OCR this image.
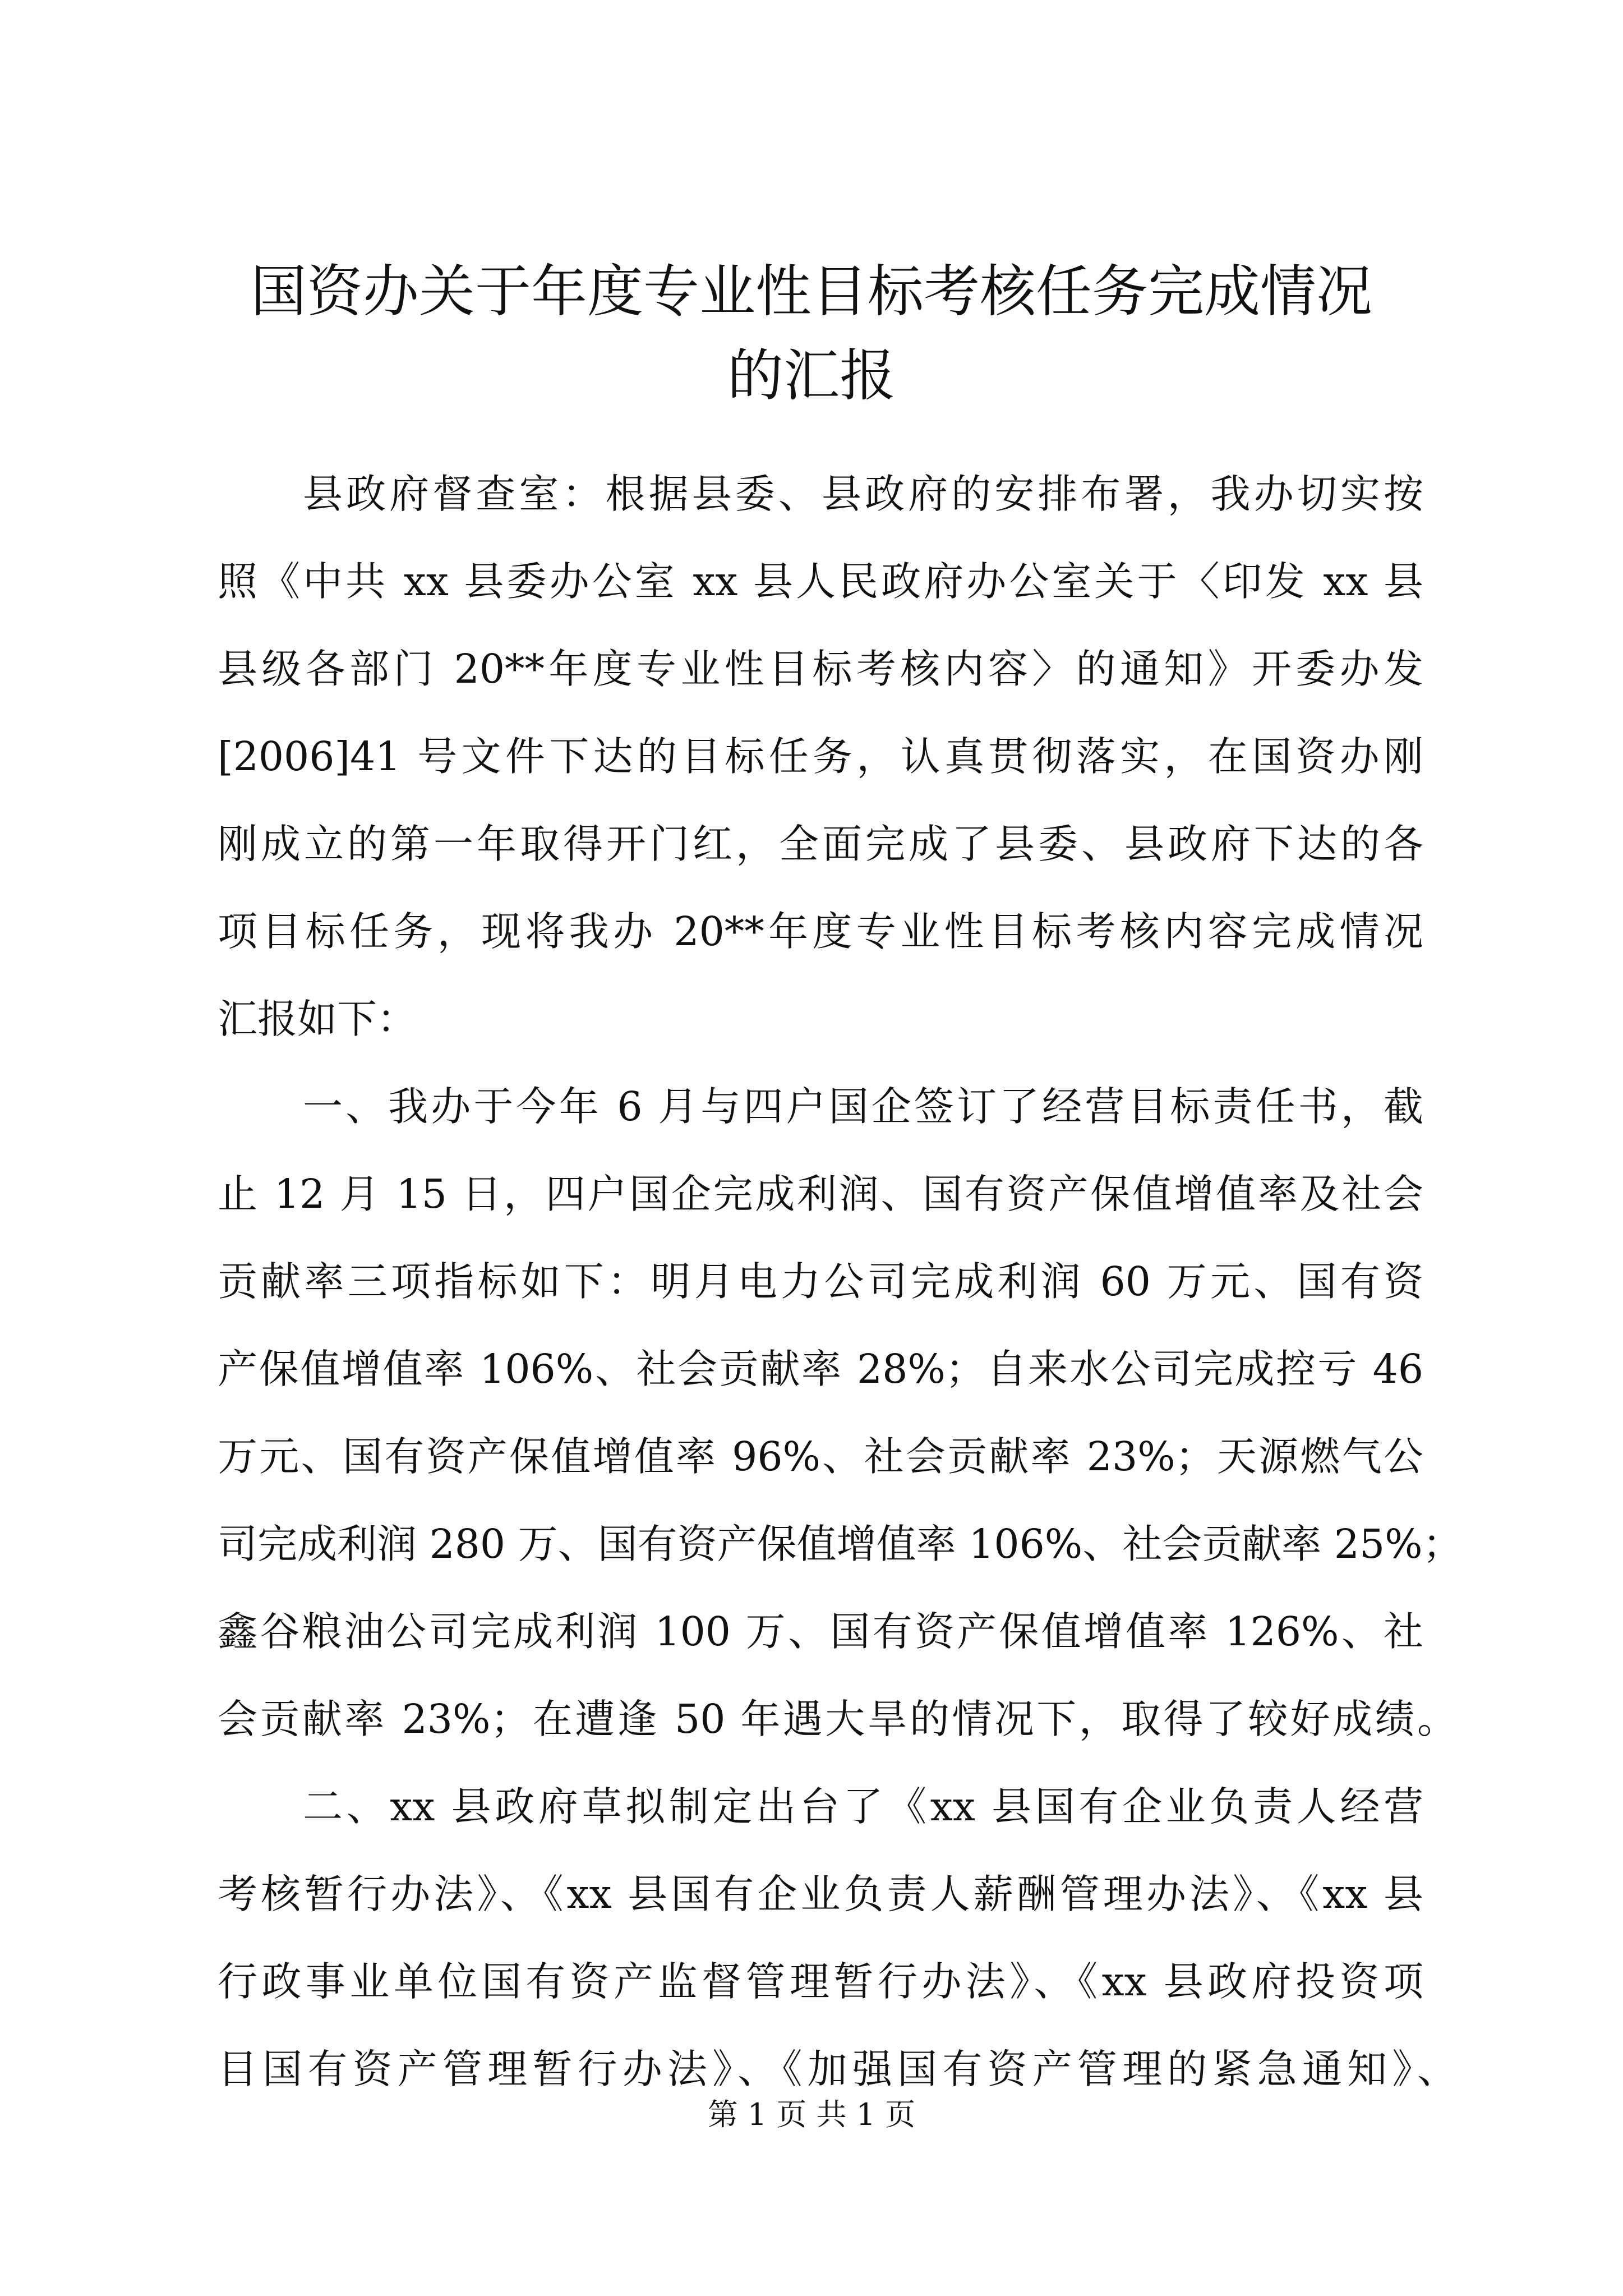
国资办关于年度专业性目标考核任务完成情况
的汇报
县政府督查室：根据县委、县政府的安排布署，我办切实按
照《中共 xx 县委办公室 xx 县人民政府办公室关于〈印发 xx 县
县级各部门 20**年度专业性目标考核内容〉的通知》开委办发
[2006]41 号文件下达的目标任务，认真贯彻落实，在国资办刚
刚成立的第一年取得开门红，全面完成了县委、县政府下达的各
项目标任务，现将我办 20**年度专业性目标考核内容完成情况
汇报如下：
一、我办于今年 6 月与四户国企签订了经营目标责任书，截
止 12 月 15 日，四户国企完成利润、国有资产保值增值率及社会
贡献率三项指标如下：明月电力公司完成利润 60 万元、国有资
产保值增值率 106%、社会贡献率 28%；自来水公司完成控亏 46
万元、国有资产保值增值率 96%、社会贡献率 23%；天源燃气公
司完成利润 280 万、国有资产保值增值率 106%、社会贡献率 25%；
鑫谷粮油公司完成利润 100 万、国有资产保值增值率 126%、社
会贡献率 23%；在遭逢 50 年遇大旱的情况下，取得了较好成绩。
二、xx 县政府草拟制定出台了《xx 县国有企业负责人经营
考核暂行办法》、《xx 县国有企业负责人薪酬管理办法》、《xx 县
行政事业单位国有资产监督管理暂行办法》、《xx 县政府投资项
目国有资产管理暂行办法》、《加强国有资产管理的紧急通知》、
第 1 页 共 1 页
